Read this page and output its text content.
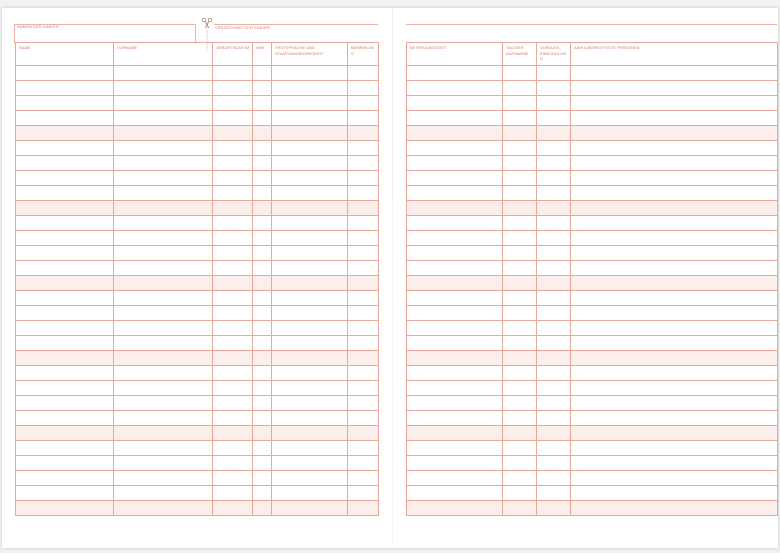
NAMEN DER KINDER	VERZEICHNIS DER KINDER
NAME	VORNAME	GEBURTSDATUM	W/M	ERSTSPRACHE UND STAATSANGEHÖRIGKEIT	BEMERKUNG

BETREUUNGSZEIT	TAG DER AUFNAHME	VORAUSS. EINSCHULUNG	ABHOLBERECHTIGTE PERSONEN
